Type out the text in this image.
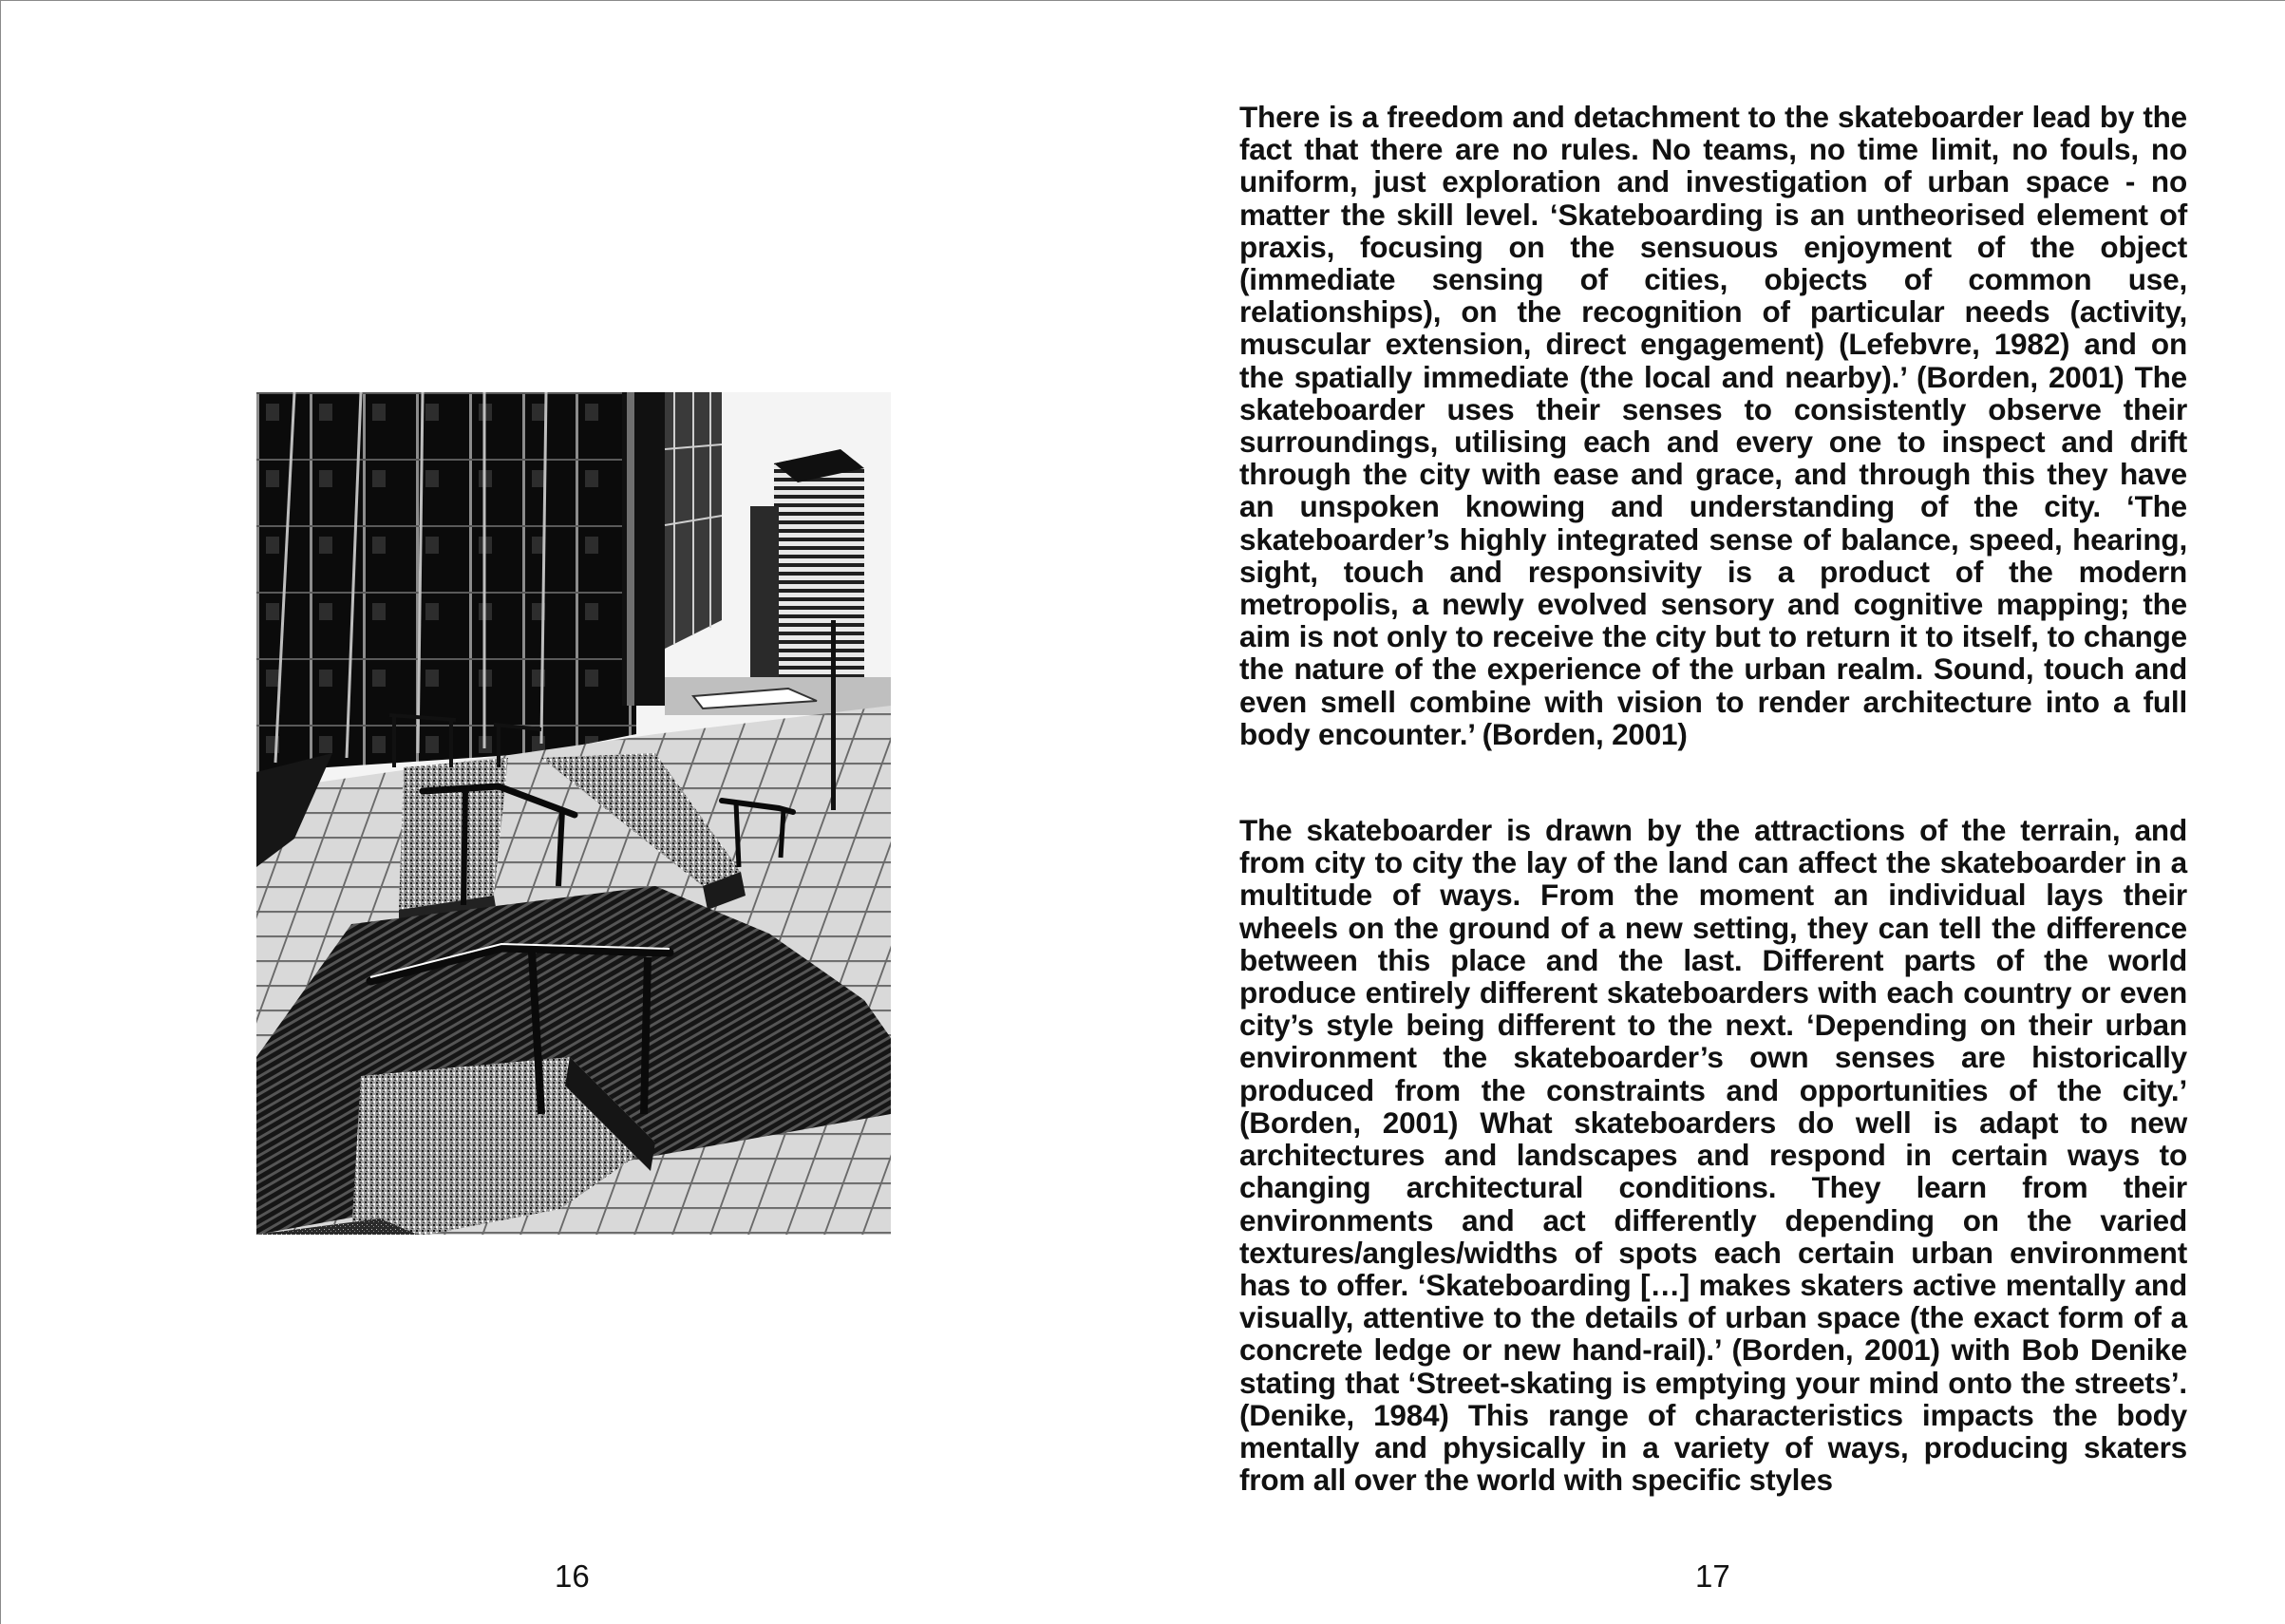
16

There is a freedom and detachment to the skateboarder lead by the fact that there are no rules. No teams, no time limit, no fouls, no uniform, just exploration and investigation of urban space - no matter the skill level. ‘Skateboarding is an untheorised element of praxis, focusing on the sensuous enjoyment of the object (immediate sensing of cities, objects of common use, relationships), on the recognition of particular needs (activity, muscular extension, direct engagement) (Lefebvre, 1982) and on the spatially immediate (the local and nearby).’ (Borden, 2001) The skateboarder uses their senses to consistently observe their surroundings, utilising each and every one to inspect and drift through the city with ease and grace, and through this they have an unspoken knowing and understanding of the city. ‘The skateboarder’s highly integrated sense of balance, speed, hearing, sight, touch and responsivity is a product of the modern metropolis, a newly evolved sensory and cognitive mapping; the aim is not only to receive the city but to return it to itself, to change the nature of the experience of the urban realm. Sound, touch and even smell combine with vision to render architecture into a full body encounter.’ (Borden, 2001)

The skateboarder is drawn by the attractions of the terrain, and from city to city the lay of the land can affect the skateboarder in a multitude of ways. From the moment an individual lays their wheels on the ground of a new setting, they can tell the difference between this place and the last. Different parts of the world produce entirely different skateboarders with each country or even city’s style being different to the next. ‘Depending on their urban environment the skateboarder’s own senses are historically produced from the constraints and opportunities of the city.’ (Borden, 2001) What skateboarders do well is adapt to new architectures and landscapes and respond in certain ways to changing architectural conditions. They learn from their environments and act differently depending on the varied textures/angles/widths of spots each certain urban environment has to offer. ‘Skateboarding […] makes skaters active mentally and visually, attentive to the details of urban space (the exact form of a concrete ledge or new hand-rail).’ (Borden, 2001) with Bob Denike stating that ‘Street-skating is emptying your mind onto the streets’. (Denike, 1984) This range of characteristics impacts the body mentally and physically in a variety of ways, producing skaters from all over the world with specific styles

17
